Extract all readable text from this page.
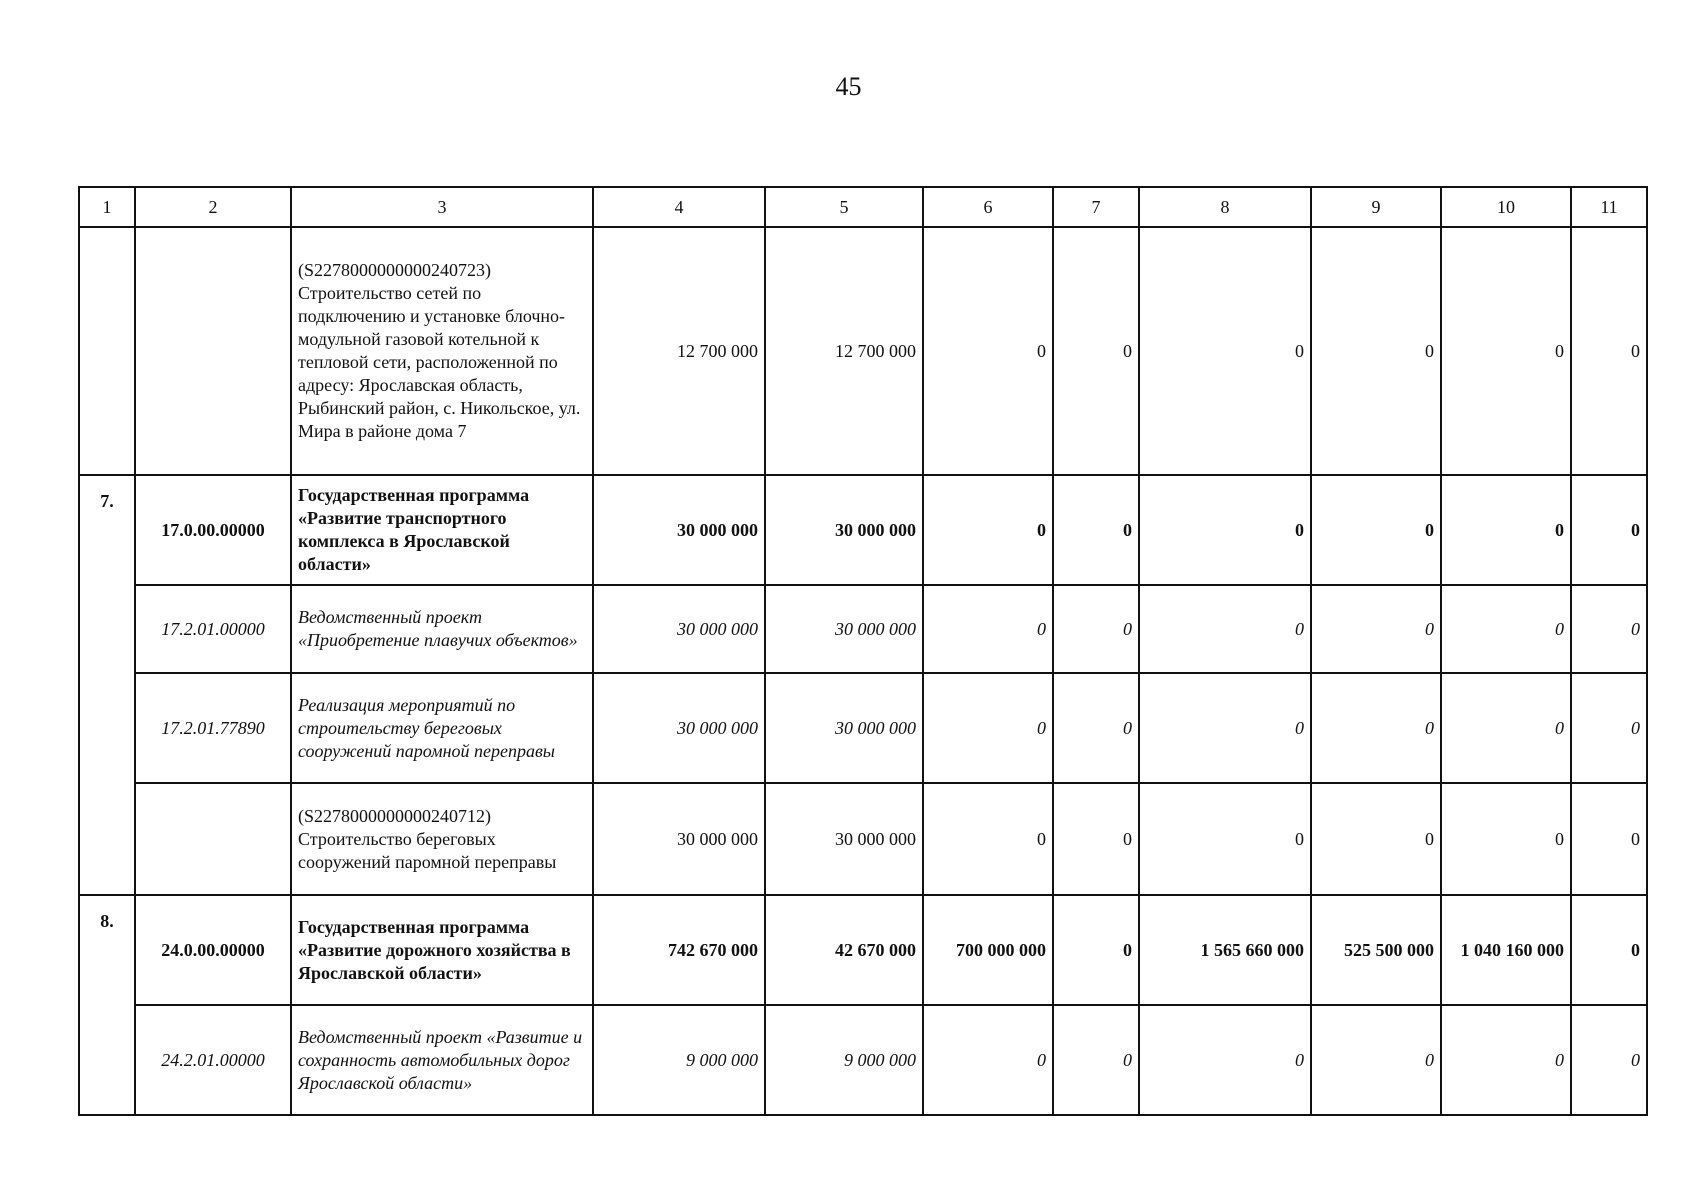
45
1	2	3	4	5	6	7	8	9	10	11
		(S2278000000000240723) Строительство сетей по подключению и установке блочно-модульной газовой котельной к тепловой сети, расположенной по адресу: Ярославская область, Рыбинский район, с. Никольское, ул. Мира в районе дома 7	12 700 000	12 700 000	0	0	0	0	0	0
7.	17.0.00.00000	Государственная программа «Развитие транспортного комплекса в Ярославской области»	30 000 000	30 000 000	0	0	0	0	0	0
	17.2.01.00000	Ведомственный проект «Приобретение плавучих объектов»	30 000 000	30 000 000	0	0	0	0	0	0
	17.2.01.77890	Реализация мероприятий по строительству береговых сооружений паромной переправы	30 000 000	30 000 000	0	0	0	0	0	0
		(S2278000000000240712) Строительство береговых сооружений паромной переправы	30 000 000	30 000 000	0	0	0	0	0	0
8.	24.0.00.00000	Государственная программа «Развитие дорожного хозяйства в Ярославской области»	742 670 000	42 670 000	700 000 000	0	1 565 660 000	525 500 000	1 040 160 000	0
	24.2.01.00000	Ведомственный проект «Развитие и сохранность автомобильных дорог Ярославской области»	9 000 000	9 000 000	0	0	0	0	0	0
